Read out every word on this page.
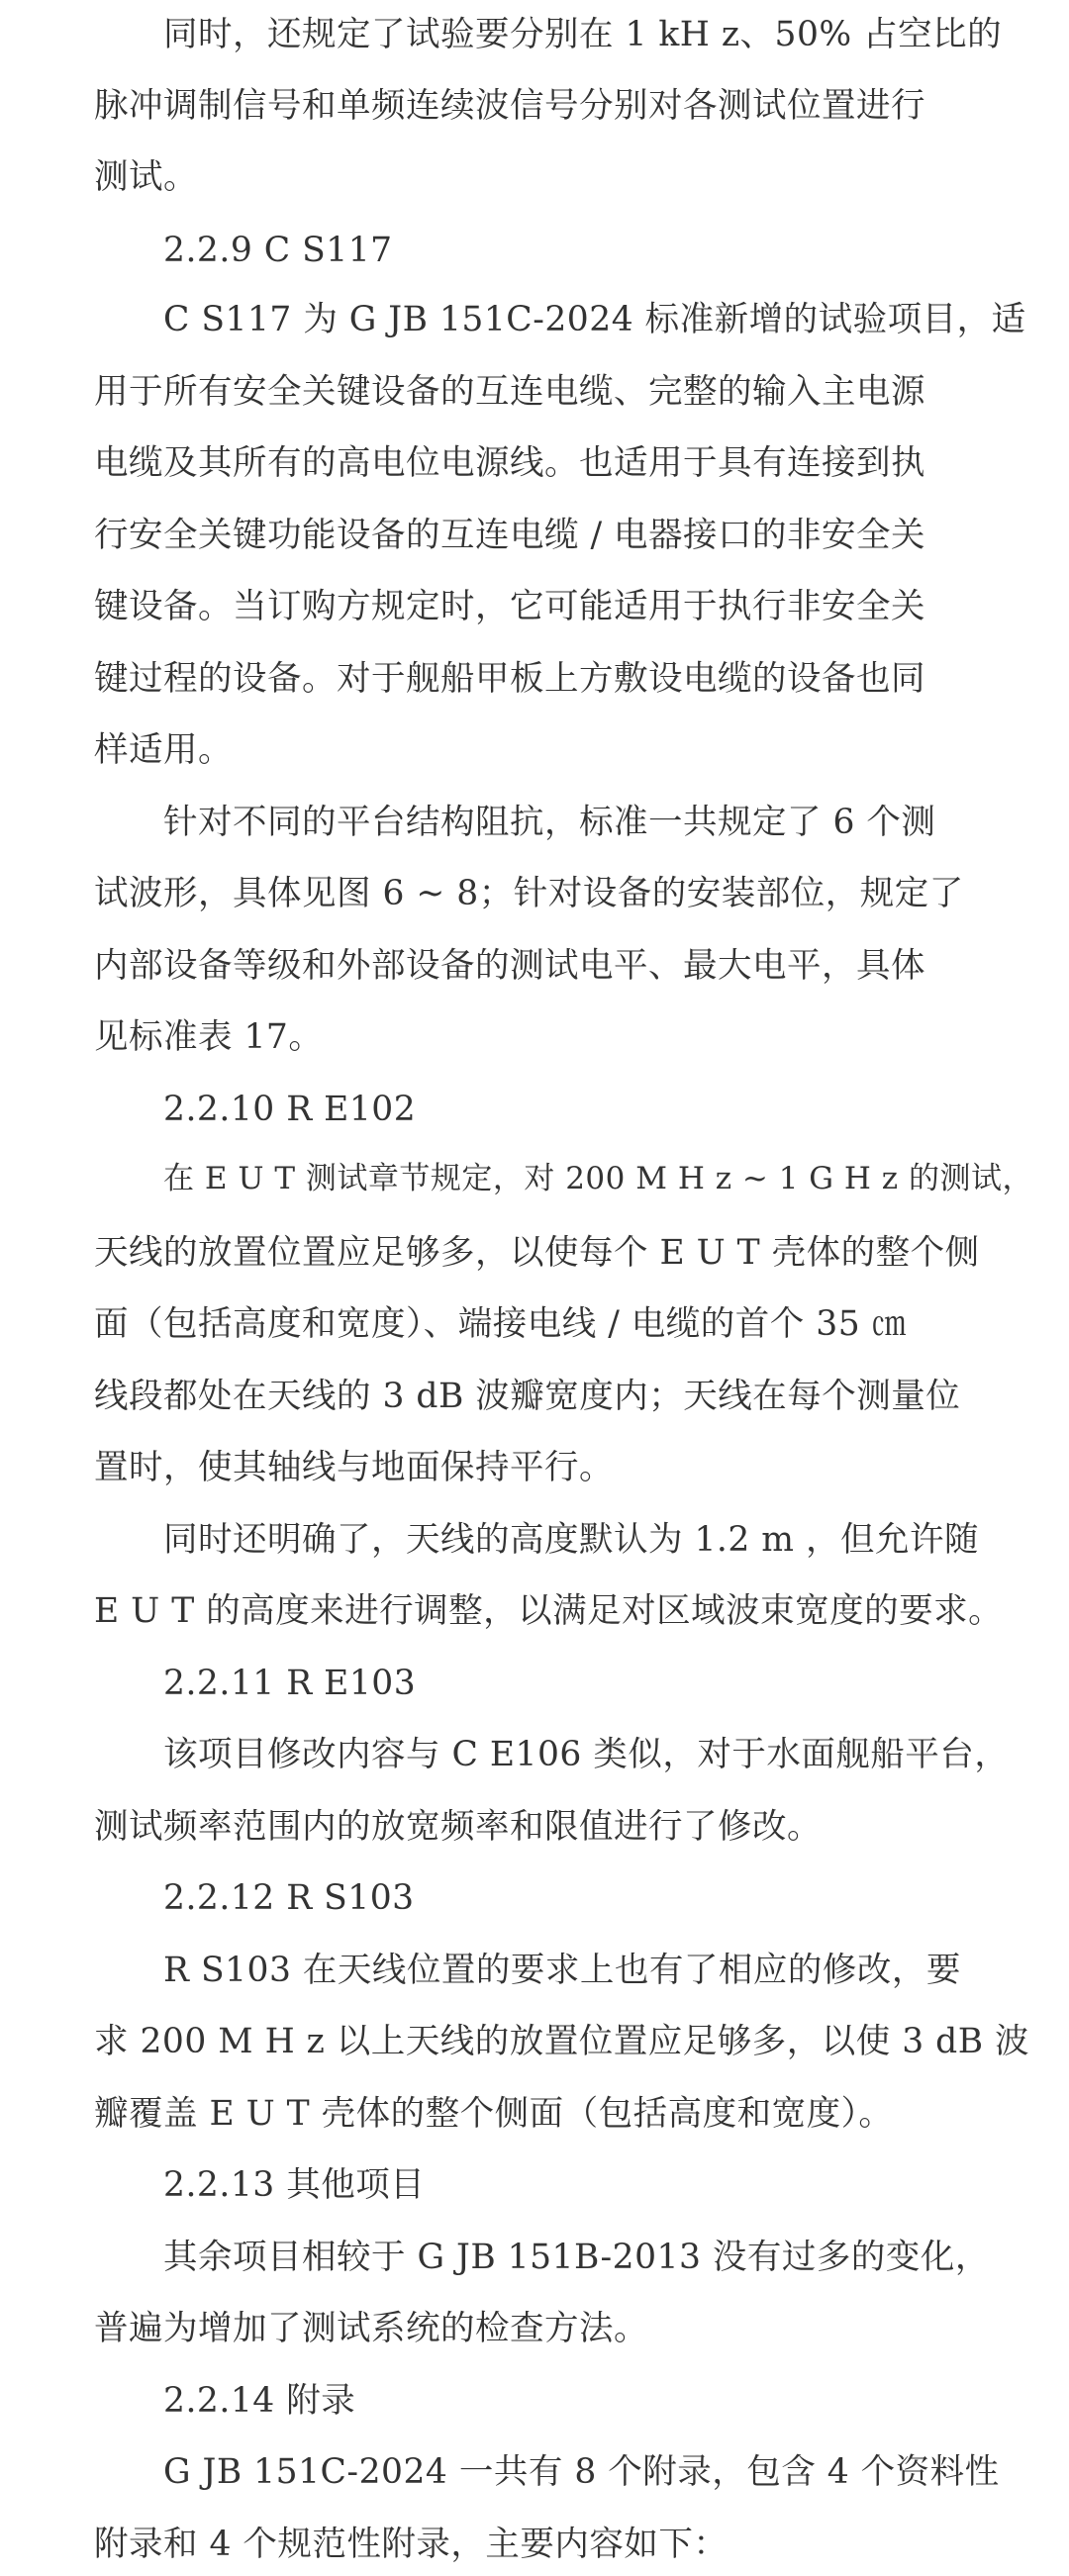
同时，还规定了试验要分别在 1 kH z、50% 占空比的

脉冲调制信号和单频连续波信号分别对各测试位置进行

测试。

2.2.9 C S117

C S117 为 G JB 151C-2024 标准新增的试验项目，适

用于所有安全关键设备的互连电缆、完整的输入主电源

电缆及其所有的高电位电源线。也适用于具有连接到执

行安全关键功能设备的互连电缆 / 电器接口的非安全关

键设备。当订购方规定时，它可能适用于执行非安全关

键过程的设备。对于舰船甲板上方敷设电缆的设备也同

样适用。

针对不同的平台结构阻抗，标准一共规定了 6 个测

试波形，具体见图 6 ~ 8；针对设备的安装部位，规定了

内部设备等级和外部设备的测试电平、最大电平，具体

见标准表 17。

2.2.10 R E102

在 E U T 测试章节规定，对 200 M H z ~ 1 G H z 的测试，

天线的放置位置应足够多，以使每个 E U T 壳体的整个侧

面（包括高度和宽度）、端接电线 / 电缆的首个 35 ㎝

线段都处在天线的 3 dB 波瓣宽度内；天线在每个测量位

置时，使其轴线与地面保持平行。

同时还明确了，天线的高度默认为 1.2 m ，但允许随

E U T 的高度来进行调整，以满足对区域波束宽度的要求。

2.2.11 R E103

该项目修改内容与 C E106 类似，对于水面舰船平台，

测试频率范围内的放宽频率和限值进行了修改。

2.2.12 R S103

R S103 在天线位置的要求上也有了相应的修改，要

求 200 M H z 以上天线的放置位置应足够多，以使 3 dB 波

瓣覆盖 E U T 壳体的整个侧面（包括高度和宽度）。

2.2.13 其他项目

其余项目相较于 G JB 151B-2013 没有过多的变化，

普遍为增加了测试系统的检查方法。

2.2.14 附录

G JB 151C-2024 一共有 8 个附录，包含 4 个资料性

附录和 4 个规范性附录，主要内容如下：
